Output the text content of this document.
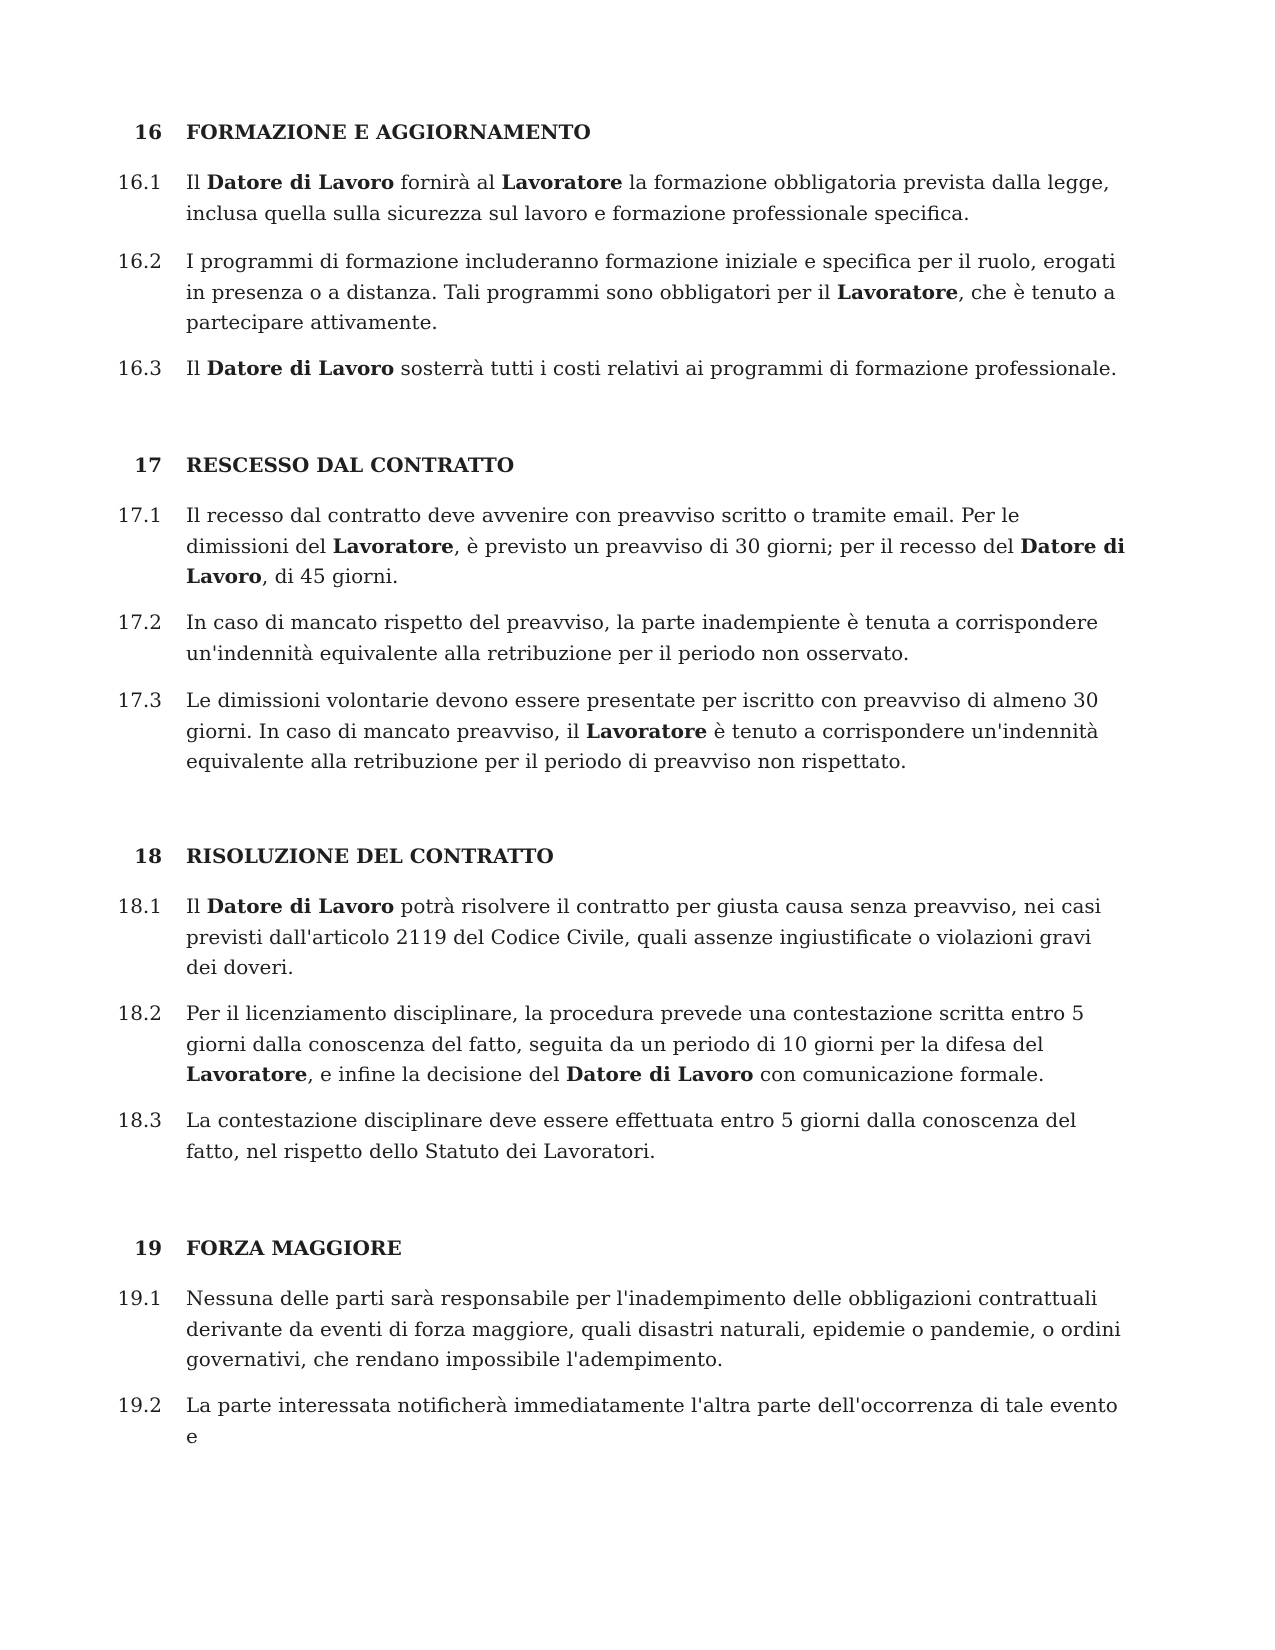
16	FORMAZIONE E AGGIORNAMENTO
16.1	Il Datore di Lavoro fornirà al Lavoratore la formazione obbligatoria prevista dalla legge, inclusa quella sulla sicurezza sul lavoro e formazione professionale specifica.
16.2	I programmi di formazione includeranno formazione iniziale e specifica per il ruolo, erogati in presenza o a distanza. Tali programmi sono obbligatori per il Lavoratore, che è tenuto a partecipare attivamente.
16.3	Il Datore di Lavoro sosterrà tutti i costi relativi ai programmi di formazione professionale.
17	RESCESSO DAL CONTRATTO
17.1	Il recesso dal contratto deve avvenire con preavviso scritto o tramite email. Per le dimissioni del Lavoratore, è previsto un preavviso di 30 giorni; per il recesso del Datore di Lavoro, di 45 giorni.
17.2	In caso di mancato rispetto del preavviso, la parte inadempiente è tenuta a corrispondere un'indennità equivalente alla retribuzione per il periodo non osservato.
17.3	Le dimissioni volontarie devono essere presentate per iscritto con preavviso di almeno 30 giorni. In caso di mancato preavviso, il Lavoratore è tenuto a corrispondere un'indennità equivalente alla retribuzione per il periodo di preavviso non rispettato.
18	RISOLUZIONE DEL CONTRATTO
18.1	Il Datore di Lavoro potrà risolvere il contratto per giusta causa senza preavviso, nei casi previsti dall'articolo 2119 del Codice Civile, quali assenze ingiustificate o violazioni gravi dei doveri.
18.2	Per il licenziamento disciplinare, la procedura prevede una contestazione scritta entro 5 giorni dalla conoscenza del fatto, seguita da un periodo di 10 giorni per la difesa del Lavoratore, e infine la decisione del Datore di Lavoro con comunicazione formale.
18.3	La contestazione disciplinare deve essere effettuata entro 5 giorni dalla conoscenza del fatto, nel rispetto dello Statuto dei Lavoratori.
19	FORZA MAGGIORE
19.1	Nessuna delle parti sarà responsabile per l'inadempimento delle obbligazioni contrattuali derivante da eventi di forza maggiore, quali disastri naturali, epidemie o pandemie, o ordini governativi, che rendano impossibile l'adempimento.
19.2	La parte interessata notificherà immediatamente l'altra parte dell'occorrenza di tale evento e
